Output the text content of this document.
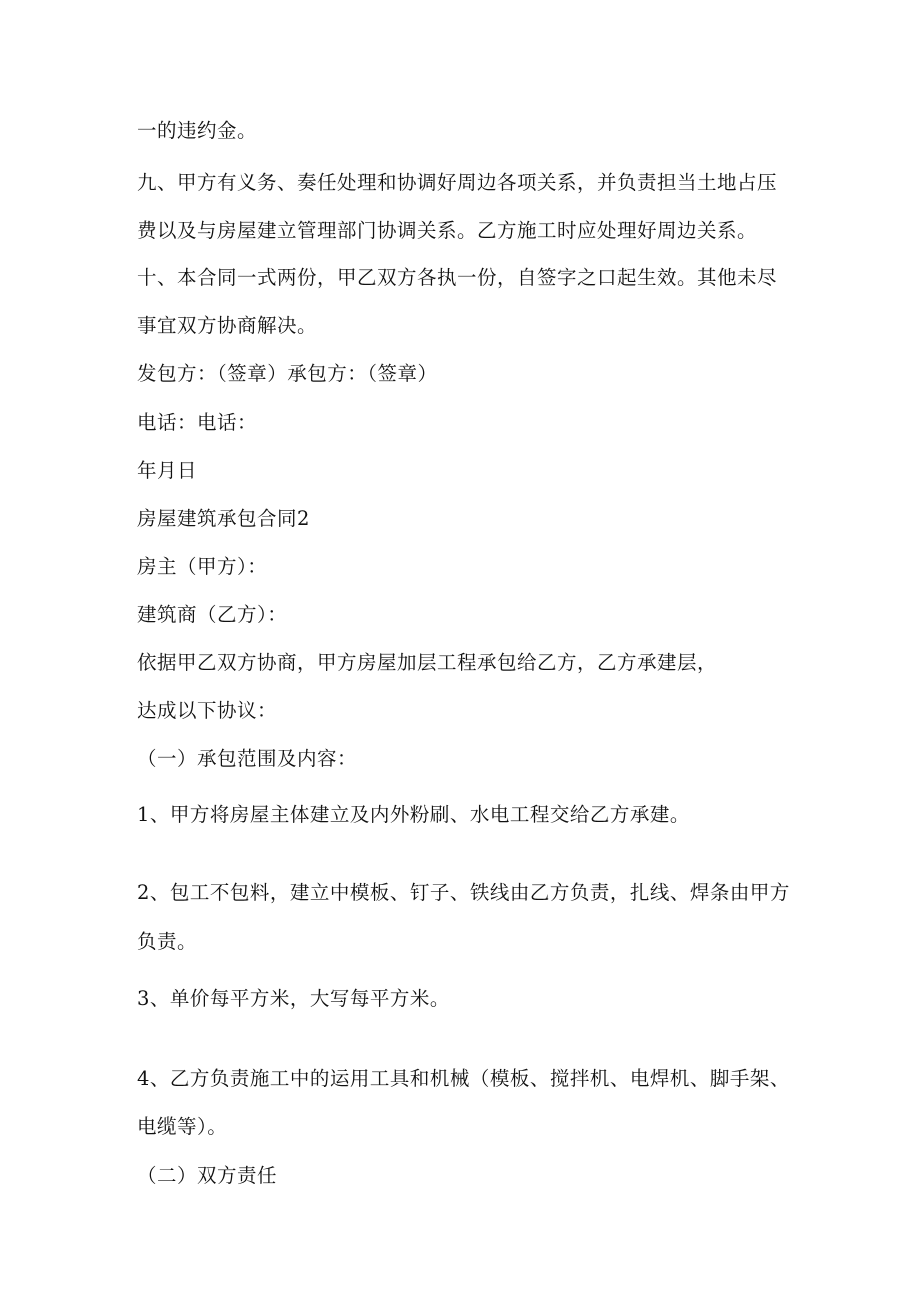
一的违约金。
九、甲方有义务、奏任处理和协调好周边各项关系，并负责担当土地占压
费以及与房屋建立管理部门协调关系。乙方施工时应处理好周边关系。
十、本合同一式两份，甲乙双方各执一份，自签字之口起生效。其他未尽
事宜双方协商解决。
发包方：（签章）承包方：（签章）
电话：电话：
年月日
房屋建筑承包合同2
房主（甲方）：
建筑商（乙方）：
依据甲乙双方协商，甲方房屋加层工程承包给乙方，乙方承建层，
达成以下协议：
（一）承包范围及内容：
1、甲方将房屋主体建立及内外粉刷、水电工程交给乙方承建。
2、包工不包料，建立中模板、钉子、铁线由乙方负责，扎线、焊条由甲方
负责。
3、单价每平方米，大写每平方米。
4、乙方负责施工中的运用工具和机械（模板、搅拌机、电焊机、脚手架、
电缆等）。
（二）双方责任
